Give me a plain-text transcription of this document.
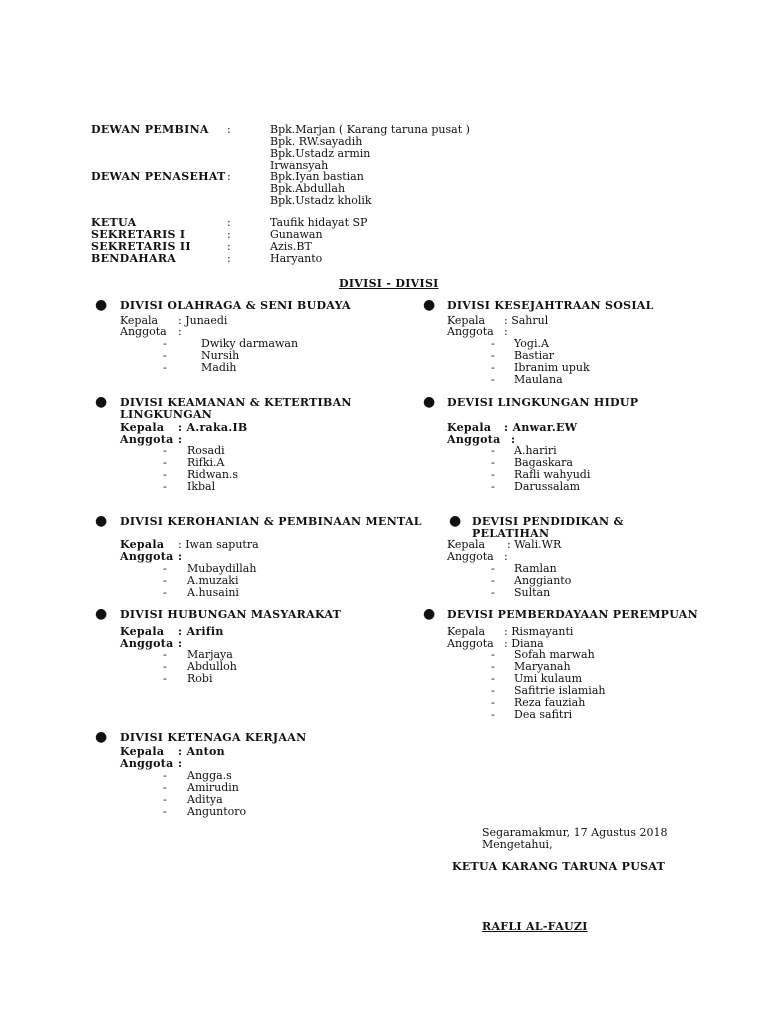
DEWAN PEMBINA :	Bpk.Marjan ( Karang taruna pusat )
Bpk. RW.sayadih
Bpk.Ustadz armin
Irwansyah
DEWAN PENASEHAT :	Bpk.Iyan bastian
Bpk.Abdullah
Bpk.Ustadz kholik
KETUA	:	Taufik hidayat SP
SEKRETARIS I	:	Gunawan
SEKRETARIS II	:	Azis.BT
BENDAHARA	:	Haryanto
DIVISI - DIVISI
● DIVISI OLAHRAGA & SENI BUDAYA
Kepala : Junaedi
Anggota :
-	Dwiky darmawan
-	Nursih
-	Madih
● DIVISI KESEJAHTRAAN SOSIAL
Kepala : Sahrul
Anggota :
- Yogi.A
- Bastiar
- Ibranim upuk
- Maulana
● DIVISI KEAMANAN & KETERTIBAN
LINGKUNGAN
Kepala : A.raka.IB
Anggota :
- Rosadi
- Rifki.A
- Ridwan.s
- Ikbal
● DEVISI LINGKUNGAN HIDUP
Kepala : Anwar.EW
Anggota :
- A.hariri
- Bagaskara
- Rafli wahyudi
- Darussalam
● DIVISI KEROHANIAN & PEMBINAAN MENTAL
Kepala : Iwan saputra
Anggota :
- Mubaydillah
- A.muzaki
- A.husaini
● DEVISI PENDIDIKAN &
PELATIHAN
Kepala : Wali.WR
Anggota :
- Ramlan
- Anggianto
- Sultan
● DIVISI HUBUNGAN MASYARAKAT
Kepala : Arifin
Anggota :
- Marjaya
- Abdulloh
- Robi
● DEVISI PEMBERDAYAAN PEREMPUAN
Kepala : Rismayanti
Anggota : Diana
- Sofah marwah
- Maryanah
- Umi kulaum
- Safitrie islamiah
- Reza fauziah
- Dea safitri
● DIVISI KETENAGA KERJAAN
Kepala : Anton
Anggota :
- Angga.s
- Amirudin
- Aditya
- Anguntoro
Segaramakmur, 17 Agustus 2018
Mengetahui,
KETUA KARANG TARUNA PUSAT
RAFLI AL-FAUZI
